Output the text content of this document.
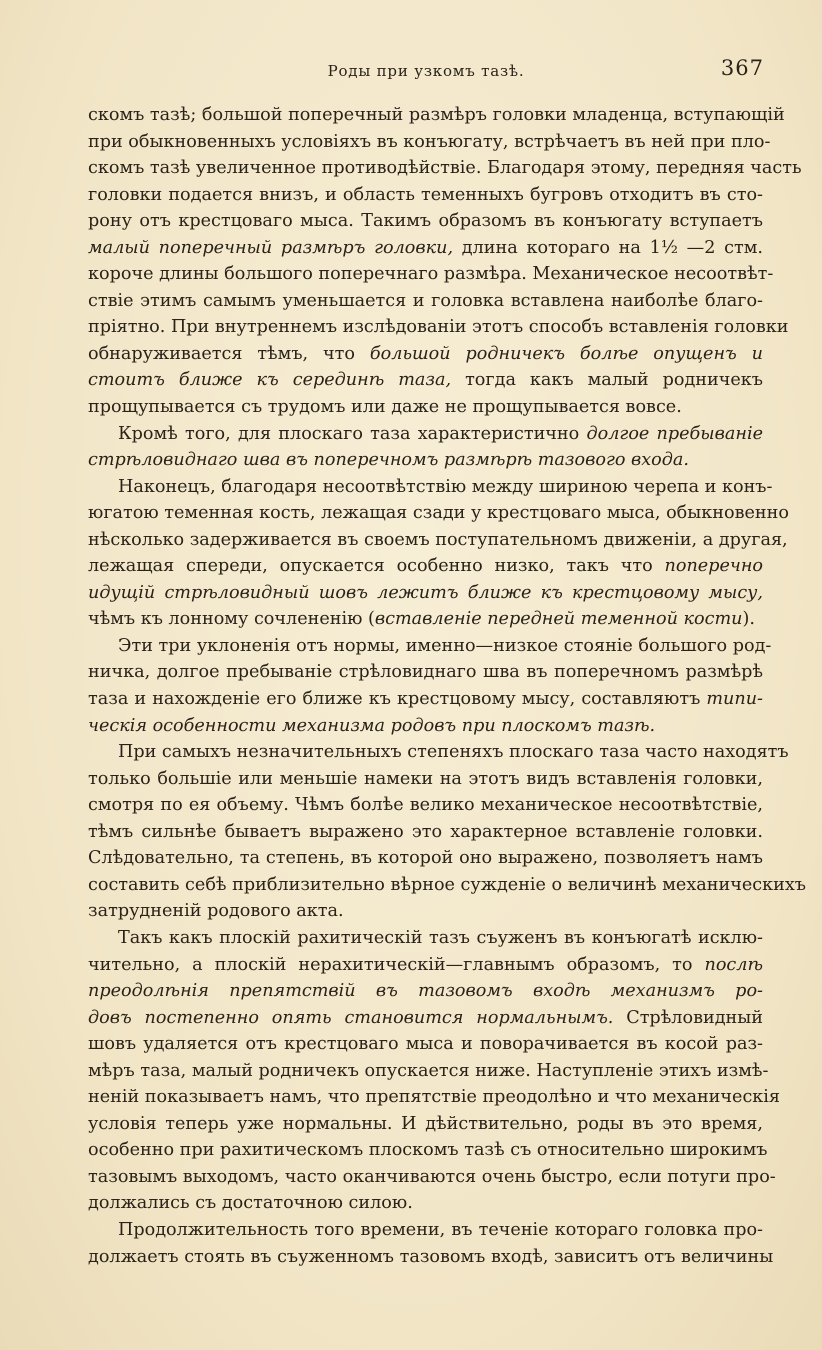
Роды при узкомъ тазѣ.	367
скомъ тазѣ; большой поперечный размѣръ головки младенца, вступающій
при обыкновенныхъ условіяхъ въ конъюгату, встрѣчаетъ въ ней при пло-
скомъ тазѣ увеличенное противодѣйствіе. Благодаря этому, передняя часть
головки подается внизъ, и область теменныхъ бугровъ отходитъ въ сто-
рону отъ крестцоваго мыса. Такимъ образомъ въ конъюгату вступаетъ
малый поперечный размѣръ головки, длина котораго на 1½ —2 стм.
короче длины большого поперечнаго размѣра. Механическое несоотвѣт-
ствіе этимъ самымъ уменьшается и головка вставлена наиболѣе благо-
пріятно. При внутреннемъ изслѣдованіи этотъ способъ вставленія головки
обнаруживается тѣмъ, что большой родничекъ болѣе опущенъ и
стоитъ ближе къ серединѣ таза, тогда какъ малый родничекъ
прощупывается съ трудомъ или даже не прощупывается вовсе.
Кромѣ того, для плоскаго таза характеристично долгое пребываніе
стрѣловиднаго шва въ поперечномъ размѣрѣ тазового входа.
Наконецъ, благодаря несоотвѣтствію между шириною черепа и конъ-
югатою теменная кость, лежащая сзади у крестцоваго мыса, обыкновенно
нѣсколько задерживается въ своемъ поступательномъ движеніи, а другая,
лежащая спереди, опускается особенно низко, такъ что поперечно
идущій стрѣловидный шовъ лежитъ ближе къ крестцовому мысу,
чѣмъ къ лонному сочлененію (вставленіе передней теменной кости).
Эти три уклоненія отъ нормы, именно—низкое стояніе большого род-
ничка, долгое пребываніе стрѣловиднаго шва въ поперечномъ размѣрѣ
таза и нахожденіе его ближе къ крестцовому мысу, составляютъ типи-
ческія особенности механизма родовъ при плоскомъ тазѣ.
При самыхъ незначительныхъ степеняхъ плоскаго таза часто находятъ
только большіе или меньшіе намеки на этотъ видъ вставленія головки,
смотря по ея объему. Чѣмъ болѣе велико механическое несоотвѣтствіе,
тѣмъ сильнѣе бываетъ выражено это характерное вставленіе головки.
Слѣдовательно, та степень, въ которой оно выражено, позволяетъ намъ
составить себѣ приблизительно вѣрное сужденіе о величинѣ механическихъ
затрудненій родового акта.
Такъ какъ плоскій рахитическій тазъ съуженъ въ конъюгатѣ исклю-
чительно, а плоскій нерахитическій—главнымъ образомъ, то послѣ
преодолѣнія препятствій въ тазовомъ входѣ механизмъ ро-
довъ постепенно опять становится нормальнымъ. Стрѣловидный
шовъ удаляется отъ крестцоваго мыса и поворачивается въ косой раз-
мѣръ таза, малый родничекъ опускается ниже. Наступленіе этихъ измѣ-
неній показываетъ намъ, что препятствіе преодолѣно и что механическія
условія теперь уже нормальны. И дѣйствительно, роды въ это время,
особенно при рахитическомъ плоскомъ тазѣ съ относительно широкимъ
тазовымъ выходомъ, часто оканчиваются очень быстро, если потуги про-
должались съ достаточною силою.
Продолжительность того времени, въ теченіе котораго головка про-
должаетъ стоять въ съуженномъ тазовомъ входѣ, зависитъ отъ величины
